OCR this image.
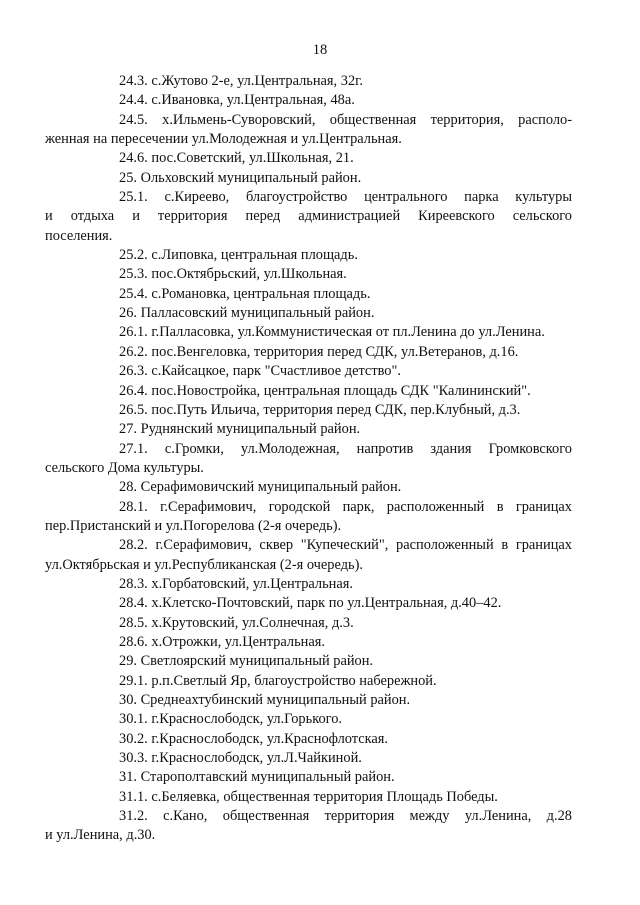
18
24.3. с.Жутово 2-е, ул.Центральная, 32г.
24.4. с.Ивановка, ул.Центральная, 48а.
24.5. х.Ильмень-Суворовский, общественная территория, располо-
женная на пересечении ул.Молодежная и ул.Центральная.
24.6. пос.Советский, ул.Школьная, 21.
25. Ольховский муниципальный район.
25.1. с.Киреево, благоустройство центрального парка культуры
и отдыха и территория перед администрацией Киреевского сельского
поселения.
25.2. с.Липовка, центральная площадь.
25.3. пос.Октябрьский, ул.Школьная.
25.4. с.Романовка, центральная площадь.
26. Палласовский муниципальный район.
26.1. г.Палласовка, ул.Коммунистическая от пл.Ленина до ул.Ленина.
26.2. пос.Венгеловка, территория перед СДК, ул.Ветеранов, д.16.
26.3. с.Кайсацкое, парк "Счастливое детство".
26.4. пос.Новостройка, центральная площадь СДК "Калининский".
26.5. пос.Путь Ильича, территория перед СДК, пер.Клубный, д.3.
27. Руднянский муниципальный район.
27.1. с.Громки, ул.Молодежная, напротив здания Громковского
сельского Дома культуры.
28. Серафимовичский муниципальный район.
28.1. г.Серафимович, городской парк, расположенный в границах
пер.Пристанский и ул.Погорелова (2-я очередь).
28.2. г.Серафимович, сквер "Купеческий", расположенный в границах
ул.Октябрьская и ул.Республиканская (2-я очередь).
28.3. х.Горбатовский, ул.Центральная.
28.4. х.Клетско-Почтовский, парк по ул.Центральная, д.40–42.
28.5. х.Крутовский, ул.Солнечная, д.3.
28.6. х.Отрожки, ул.Центральная.
29. Светлоярский муниципальный район.
29.1. р.п.Светлый Яр, благоустройство набережной.
30. Среднеахтубинский муниципальный район.
30.1. г.Краснослободск, ул.Горького.
30.2. г.Краснослободск, ул.Краснофлотская.
30.3. г.Краснослободск, ул.Л.Чайкиной.
31. Старополтавский муниципальный район.
31.1. с.Беляевка, общественная территория Площадь Победы.
31.2. с.Кано, общественная территория между ул.Ленина, д.28
и ул.Ленина, д.30.
